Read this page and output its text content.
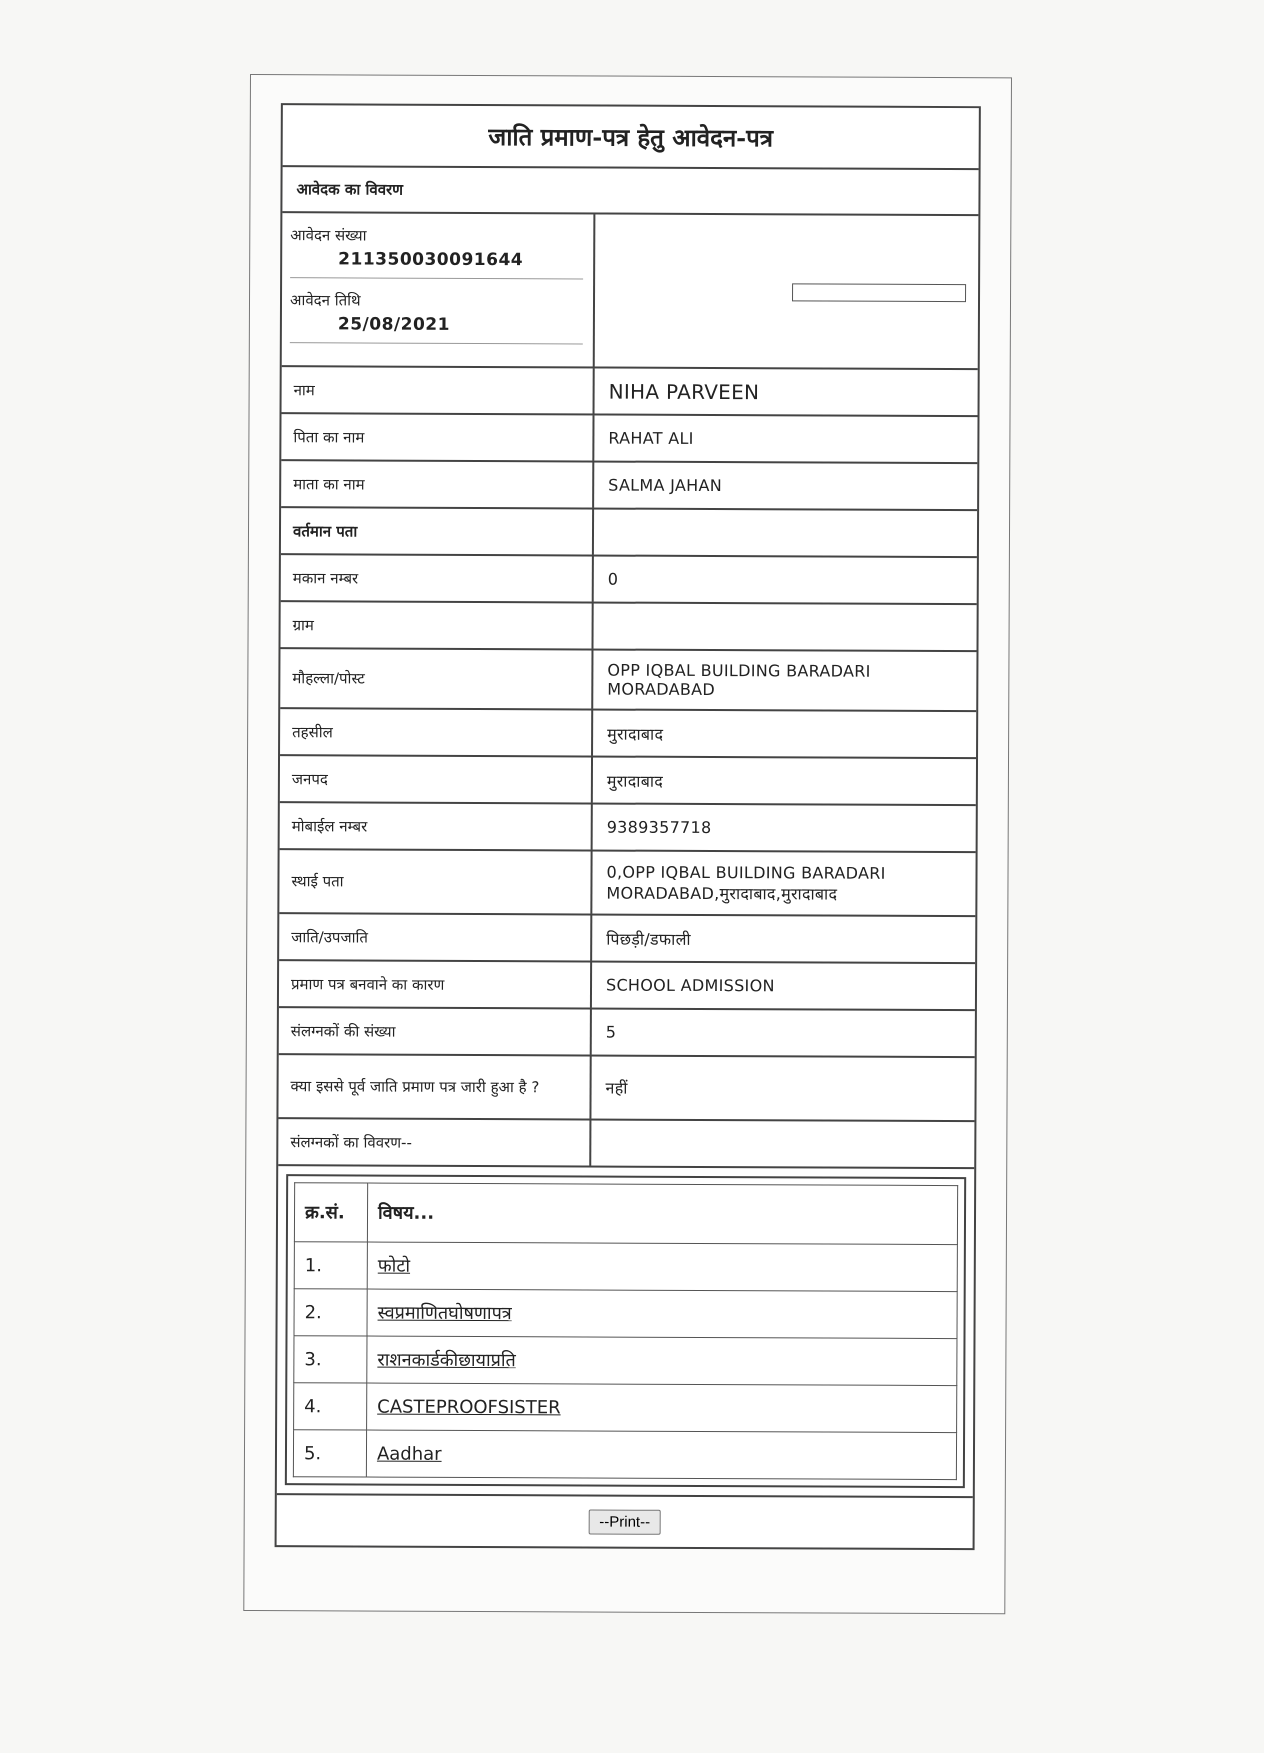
जाति प्रमाण-पत्र हेतु आवेदन-पत्र
आवेदक का विवरण
आवेदन संख्या
211350030091644
आवेदन तिथि
25/08/2021
नाम	NIHA PARVEEN
पिता का नाम	RAHAT ALI
माता का नाम	SALMA JAHAN
वर्तमान पता
मकान नम्बर	0
ग्राम
मौहल्ला/पोस्ट	OPP IQBAL BUILDING BARADARI MORADABAD
तहसील	मुरादाबाद
जनपद	मुरादाबाद
मोबाईल नम्बर	9389357718
स्थाई पता	0,OPP IQBAL BUILDING BARADARI MORADABAD,मुरादाबाद,मुरादाबाद
जाति/उपजाति	पिछड़ी/डफाली
प्रमाण पत्र बनवाने का कारण	SCHOOL ADMISSION
संलग्नकों की संख्या	5
क्या इससे पूर्व जाति प्रमाण पत्र जारी हुआ है ?	नहीं
संलग्नकों का विवरण--
क्र.सं.	विषय...
1.	फोटो
2.	स्वप्रमाणितघोषणापत्र
3.	राशनकार्डकीछायाप्रति
4.	CASTEPROOFSISTER
5.	Aadhar
--Print--
